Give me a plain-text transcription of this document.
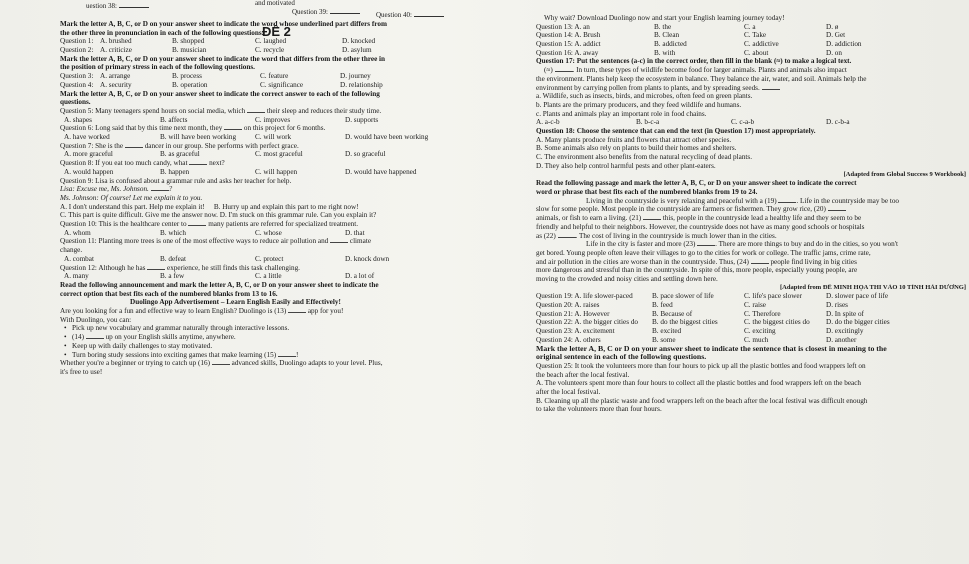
uestion 38:	and motivated
Question 39:	Question 40:
ĐỀ 2

Mark the letter A, B, C, or D on your answer sheet to indicate the word whose underlined part differs from

the other three in pronunciation in each of the following questions.

Question 1: A. brushed	B. shopped	C. laughed	D. knocked
Question 2: A. criticize	B. musician	C. recycle	D. asylum

Mark the letter A, B, C, or D on your answer sheet to indicate the word that differs from the other three in

the position of primary stress in each of the following questions.

Question 3: A. arrange	B. process	C. feature	D. journey
Question 4: A. security	B. operation	C. significance	D. relationship

Mark the letter A, B, C, or D on your answer sheet to indicate the correct answer to each of the following

questions.

Question 5: Many teenagers spend hours on social media, which	their sleep and reduces their study time.

A. shapes	B. affects	C. improves	D. supports

Question 6: Long said that by this time next month, they	on this project for 6 months.

A. have worked	B. will have been working	C. will work	D. would have been working

Question 7: She is the	dancer in our group. She performs with perfect grace.

A. more graceful	B. as graceful	C. most graceful	D. so graceful

Question 8: If you eat too much candy, what	next?

A. would happen	B. happen	C. will happen	D. would have happened

Question 9: Lisa is confused about a grammar rule and asks her teacher for help.

Lisa: Excuse me, Ms. Johnson.	?

Ms. Johnson: Of course! Let me explain it to you.

A. I don't understand this part. Help me explain it! B. Hurry up and explain this part to me right now!

C. This part is quite difficult. Give me the answer now. D. I'm stuck on this grammar rule. Can you explain it?

Question 10: This is the healthcare center to	many patients are referred for specialized treatment.

A. whom	B. which	C. whose	D. that

Question 11: Planting more trees is one of the most effective ways to reduce air pollution and	climate

change.

A. combat	B. defeat	C. protect	D. knock down

Question 12: Although he has	experience, he still finds this task challenging.

A. many	B. a few	C. a little	D. a lot of

Read the following announcement and mark the letter A, B, C, or D on your answer sheet to indicate the

correct option that best fits each of the numbered blanks from 13 to 16.

Duolingo App Advertisement – Learn English Easily and Effectively!

Are you looking for a fun and effective way to learn English? Duolingo is (13)	app for you!

With Duolingo, you can:

• Pick up new vocabulary and grammar naturally through interactive lessons.

• (14)	up on your English skills anytime, anywhere.

• Keep up with daily challenges to stay motivated.

• Turn boring study sessions into exciting games that make learning (15)	!

Whether you're a beginner or trying to catch up (16)	advanced skills, Duolingo adapts to your level. Plus,

it's free to use!

Why wait? Download Duolingo now and start your English learning journey today!

Question 13: A. an	B. the	C. a	D. ø
Question 14: A. Brush	B. Clean	C. Take	D. Get
Question 15: A. addict	B. addicted	C. addictive	D. addiction
Question 16: A. away	B. with	C. about	D. on

Question 17: Put the sentences (a-c) in the correct order, then fill in the blank (≈) to make a logical text.

(≈)	. In turn, these types of wildlife become food for larger animals. Plants and animals also impact

the environment. Plants help keep the ecosystem in balance. They balance the air, water, and soil. Animals help the

environment by carrying pollen from plants to plants, and by spreading seeds.

a. Wildlife, such as insects, birds, and microbes, often feed on green plants.

b. Plants are the primary producers, and they feed wildlife and humans.

c. Plants and animals play an important role in food chains.

A. a-c-b	B. b-c-a	C. c-a-b	D. c-b-a

Question 18: Choose the sentence that can end the text (in Question 17) most appropriately.

A. Many plants produce fruits and flowers that attract other species.

B. Some animals also rely on plants to build their homes and shelters.

C. The environment also benefits from the natural recycling of dead plants.

D. They also help control harmful pests and other plant-eaters.

[Adapted from Global Success 9 Workbook]

Read the following passage and mark the letter A, B, C, or D on your answer sheet to indicate the correct

word or phrase that best fits each of the numbered blanks from 19 to 24.

Living in the countryside is very relaxing and peaceful with a (19)	. Life in the countryside may be too

slow for some people. Most people in the countryside are farmers or fishermen. They grow rice, (20)

animals, or fish to earn a living. (21)	this, people in the countryside lead a healthy life and they seem to be

friendly and helpful to their neighbors. However, the countryside does not have as many good schools or hospitals

as (22)	. The cost of living in the countryside is much lower than in the cities.

Life in the city is faster and more (23)	. There are more things to buy and do in the cities, so you won't

get bored. Young people often leave their villages to go to the cities for work or college. The traffic jams, crime rate,

and air pollution in the cities are worse than in the countryside. Thus, (24)	people find living in big cities

more dangerous and stressful than in the countryside. In spite of this, more people, especially young people, are

moving to the crowded and noisy cities and settling down here.

[Adapted from ĐỀ MINH HỌA THI VÀO 10 TỈNH HẢI DƯƠNG]

Question 19: A. life slower-paced	B. pace slower of life	C. life's pace slower	D. slower pace of life
Question 20: A. raises	B. feed	C. raise	D. rises
Question 21: A. However	B. Because of	C. Therefore	D. In spite of
Question 22: A. the bigger cities do B. do the biggest cities	C. the biggest cities do D. do the bigger cities
Question 23: A. excitement	B. excited	C. exciting	D. excitingly
Question 24: A. others	B. some	C. much	D. another

Mark the letter A, B, C or D on your answer sheet to indicate the sentence that is closest in meaning to the

original sentence in each of the following questions.

Question 25: It took the volunteers more than four hours to pick up all the plastic bottles and food wrappers left on

the beach after the local festival.

A. The volunteers spent more than four hours to collect all the plastic bottles and food wrappers left on the beach

after the local festival.

B. Cleaning up all the plastic waste and food wrappers left on the beach after the local festival was difficult enough

to take the volunteers more than four hours.
